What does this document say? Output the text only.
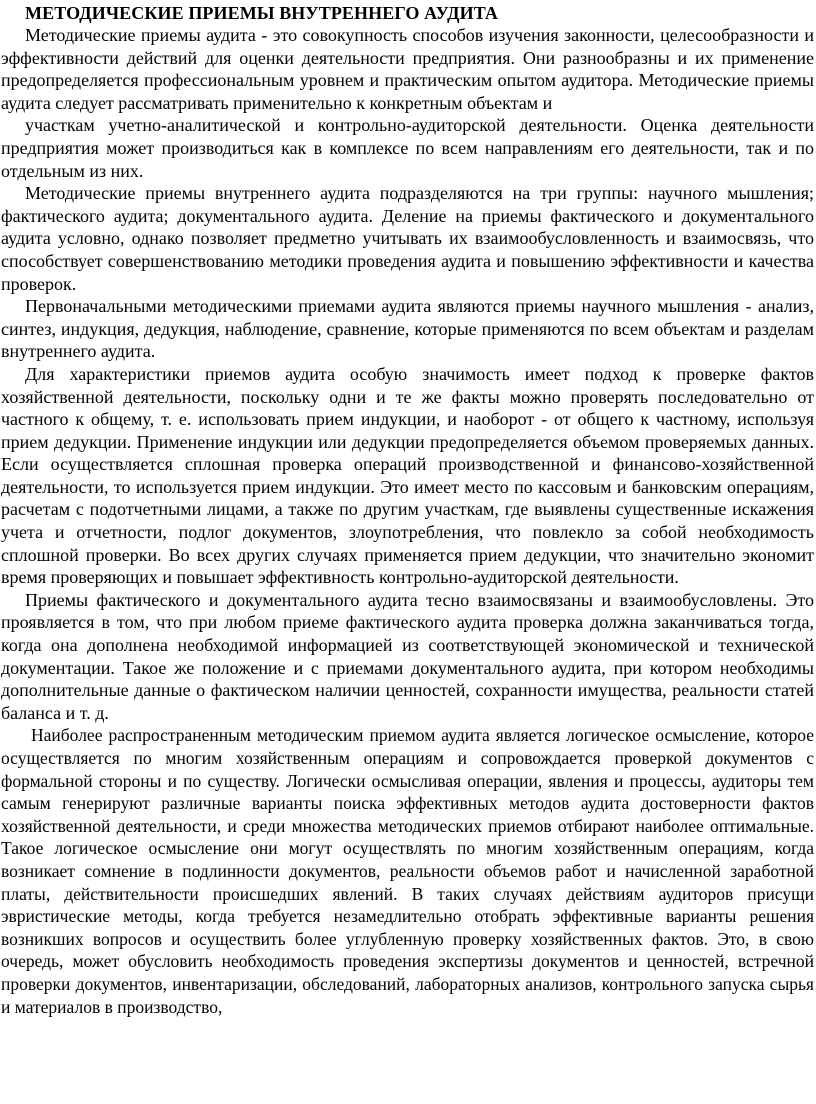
МЕТОДИЧЕСКИЕ ПРИЕМЫ ВНУТРЕННЕГО АУДИТА

Методические приемы аудита - это совокупность способов изучения законности, целесообразности и эффективности действий для оценки деятельности предприятия. Они разнообразны и их применение предопределяется профессиональным уровнем и практическим опытом аудитора. Методические приемы аудита следует рассматривать применительно к конкретным объектам и

участкам учетно-аналитической и контрольно-аудиторской деятельности. Оценка деятельности предприятия может производиться как в комплексе по всем направлениям его деятельности, так и по отдельным из них.

Методические приемы внутреннего аудита подразделяются на три группы: научного мышления; фактического аудита; документального аудита. Деление на приемы фактического и документального аудита условно, однако позволяет предметно учитывать их взаимообусловленность и взаимосвязь, что способствует совершенствованию методики проведения аудита и повышению эффективности и качества проверок.

Первоначальными методическими приемами аудита являются приемы научного мышления - анализ, синтез, индукция, дедукция, наблюдение, сравнение, которые применяются по всем объектам и разделам внутреннего аудита.

Для характеристики приемов аудита особую значимость имеет подход к проверке фактов хозяйственной деятельности, поскольку одни и те же факты можно проверять последовательно от частного к общему, т. е. использовать прием индукции, и наоборот - от общего к частному, используя прием дедукции. Применение индукции или дедукции предопределяется объемом проверяемых данных. Если осуществляется сплошная проверка операций производственной и финансово-хозяйственной деятельности, то используется прием индукции. Это имеет место по кассовым и банковским операциям, расчетам с подотчетными лицами, а также по другим участкам, где выявлены существенные искажения учета и отчетности, подлог документов, злоупотребления, что повлекло за собой необходимость сплошной проверки. Во всех других случаях применяется прием дедукции, что значительно экономит время проверяющих и повышает эффективность контрольно-аудиторской деятельности.

Приемы фактического и документального аудита тесно взаимосвязаны и взаимообусловлены. Это проявляется в том, что при любом приеме фактического аудита проверка должна заканчиваться тогда, когда она дополнена необходимой информацией из соответствующей экономической и технической документации. Такое же положение и с приемами документального аудита, при котором необходимы дополнительные данные о фактическом наличии ценностей, сохранности имущества, реальности статей баланса и т. д.

Наиболее распространенным методическим приемом аудита является логическое осмысление, которое осуществляется по многим хозяйственным операциям и сопровождается проверкой документов с формальной стороны и по существу. Логически осмысливая операции, явления и процессы, аудиторы тем самым генерируют различные варианты поиска эффективных методов аудита достоверности фактов хозяйственной деятельности, и среди множества методических приемов отбирают наиболее оптимальные. Такое логическое осмысление они могут осуществлять по многим хозяйственным операциям, когда возникает сомнение в подлинности документов, реальности объемов работ и начисленной заработной платы, действительности происшедших явлений. В таких случаях действиям аудиторов присущи эвристические методы, когда требуется незамедлительно отобрать эффективные варианты решения возникших вопросов и осуществить более углубленную проверку хозяйственных фактов. Это, в свою очередь, может обусловить необходимость проведения экспертизы документов и ценностей, встречной проверки документов, инвентаризации, обследований, лабораторных анализов, контрольного запуска сырья и материалов в производство,
